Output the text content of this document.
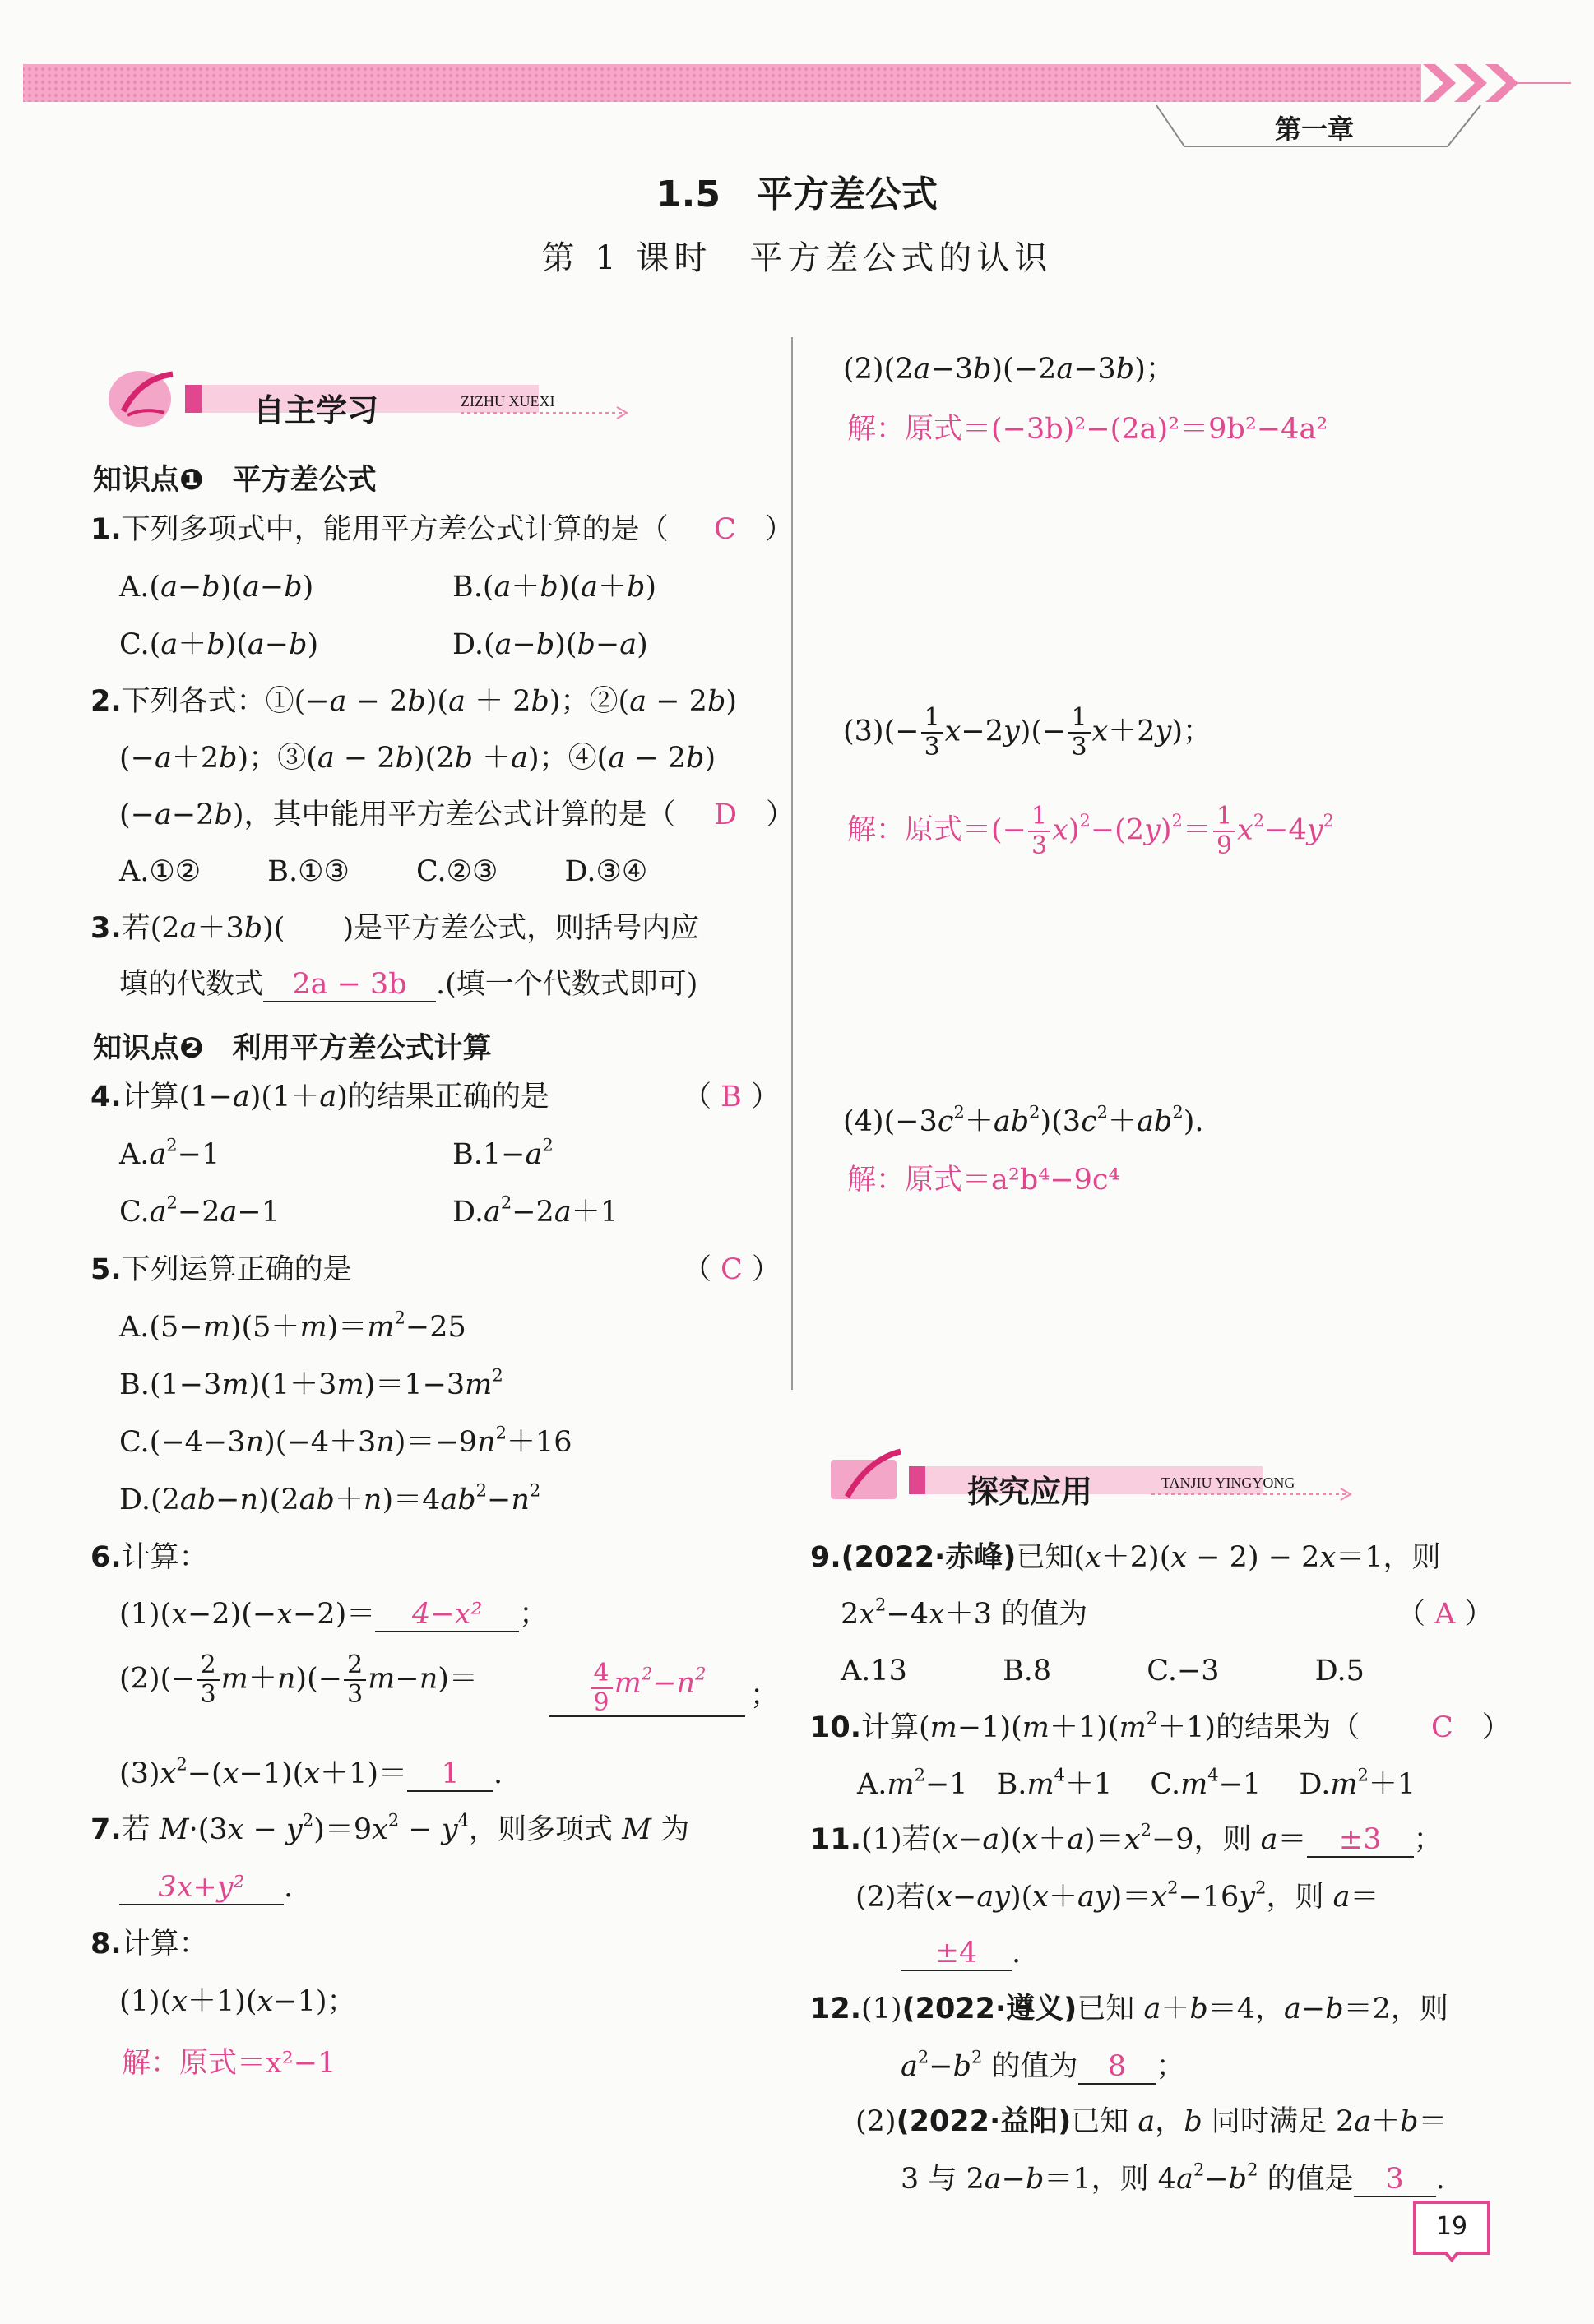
第一章
1.5　平方差公式
第 1 课时　平方差公式的认识
自主学习	ZIZHU XUEXI
知识点❶　平方差公式
1.下列多项式中，能用平方差公式计算的是（ C　）
A.(a−b)(a−b)	B.(a＋b)(a＋b)
C.(a＋b)(a−b)	D.(a−b)(b−a)
2.下列各式：①(−a − 2b)(a ＋ 2b)；②(a − 2b)
(−a＋2b)；③(a − 2b)(2b ＋a)；④(a − 2b)
(−a−2b)，其中能用平方差公式计算的是（ D　）
A.①②　　 B.①③　　 C.②③　　 D.③④
3.若(2a＋3b)(　　)是平方差公式，则括号内应
填的代数式 2a − 3b .(填一个代数式即可)
知识点❷　利用平方差公式计算
4.计算(1−a)(1＋a)的结果正确的是	（ B ）
$A.a^2-1$	$B.1-a^2$
$C.a^2-2a-1$	$D.a^2-2a+1$
5.下列运算正确的是	（ C ）
$A.(5-m)(5+m)=m^2-25$
$B.(1-3m)(1+3m)=1-3m^2$
$C.(-4-3n)(-4+3n)=-9n^2+16$
$D.(2ab-n)(2ab+n)=4ab^2-n^2$
6.计算：
(1)(x−2)(−x−2)＝ 4−x² ；
$(2)(- \frac{2}{3} m+n)(- \frac{2}{3} m-n)=$	$\frac{4}{9} m^2-n^2$
；
$(3)x^2-(x-1)(x+1)= 1$ .
7.若 $M\cdot(3x - y^2)=9x^2 - y^4$，则多项式 M 为
3x+y² .
8.计算：
(1)(x＋1)(x−1)；
解：原式＝x²−1
(2)(2a−3b)(−2a−3b)；
解：原式＝(−3b)²−(2a)²＝9b²−4a²
$(3)(- \frac{1}{3} x-2y)(- \frac{1}{3} x+2y)$；
解：原式＝(− $\frac{1}{3} x)^2-(2y)^2= \frac{1}{9} x^2-4y^2$
$(4)(-3c^2+ab^2)(3c^2+ab^2)$.
解：原式＝a²b⁴−9c⁴
探究应用	TANJIU YINGYONG
9.(2022·赤峰)已知(x＋2)(x − 2) − 2x＝1，则
$2x^2-4x+3$ 的值为	（ A ）
A.13　　　 B.8　　　 C.−3　　　 D.5
10.计算$(m-1)(m+1)(m^2+1)$的结果为（ C　）
$A.m^2-1$　$B.m^4+1$　 $C.m^4-1$　 $D.m^2+1$
11.(1)若$(x-a)(x+a)=x^2-9$，则 a＝ ±3 ；
(2)若$(x-ay)(x+ay)=x^2-16y^2$，则 a＝
±4 .
12.(1)(2022·遵义)已知 a＋b＝4，a−b＝2，则
$a^2-b^2$ 的值为 8 ；
(2)(2022·益阳)已知 a，b 同时满足 2a＋b＝
3 与 2a−b＝1，则 $4a^2-b^2$ 的值是 3 .
19
